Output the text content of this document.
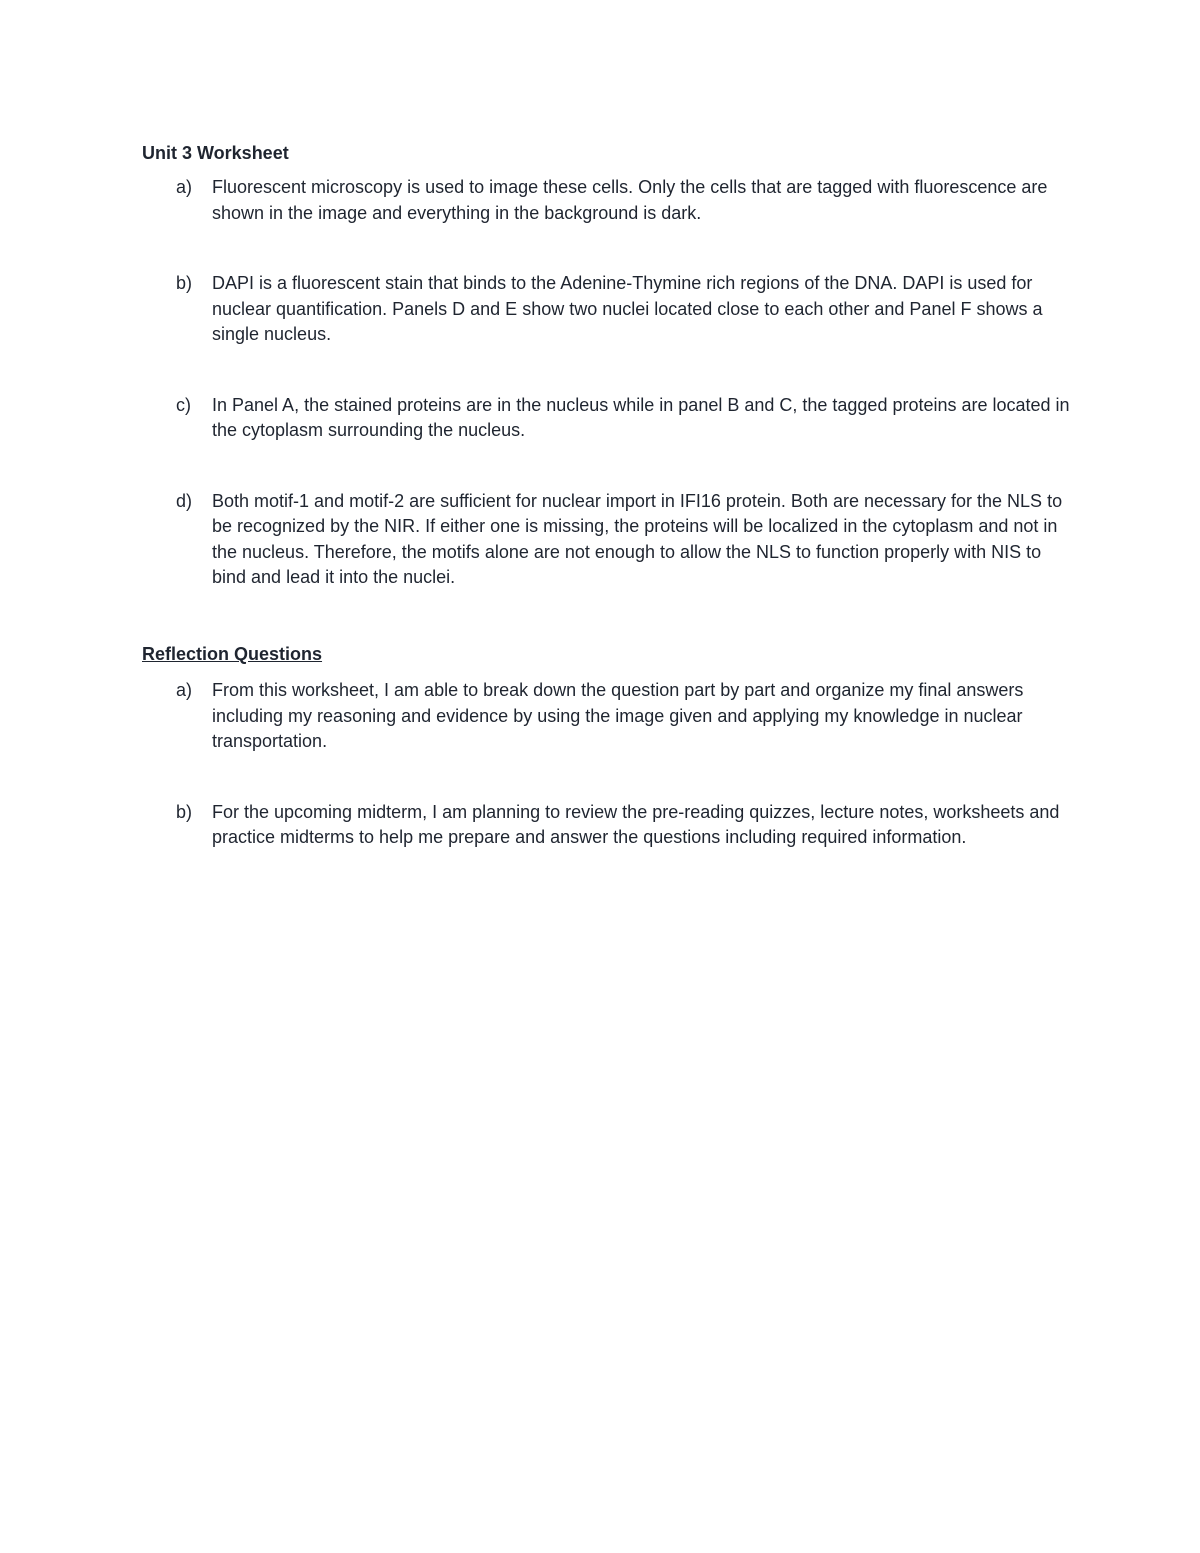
Unit 3 Worksheet
a) Fluorescent microscopy is used to image these cells. Only the cells that are tagged with fluorescence are shown in the image and everything in the background is dark.
b) DAPI is a fluorescent stain that binds to the Adenine-Thymine rich regions of the DNA. DAPI is used for nuclear quantification. Panels D and E show two nuclei located close to each other and Panel F shows a single nucleus.
c) In Panel A, the stained proteins are in the nucleus while in panel B and C, the tagged proteins are located in the cytoplasm surrounding the nucleus.
d) Both motif-1 and motif-2 are sufficient for nuclear import in IFI16 protein. Both are necessary for the NLS to be recognized by the NIR. If either one is missing, the proteins will be localized in the cytoplasm and not in the nucleus. Therefore, the motifs alone are not enough to allow the NLS to function properly with NIS to bind and lead it into the nuclei.
Reflection Questions
a) From this worksheet, I am able to break down the question part by part and organize my final answers including my reasoning and evidence by using the image given and applying my knowledge in nuclear transportation.
b) For the upcoming midterm, I am planning to review the pre-reading quizzes, lecture notes, worksheets and practice midterms to help me prepare and answer the questions including required information.
